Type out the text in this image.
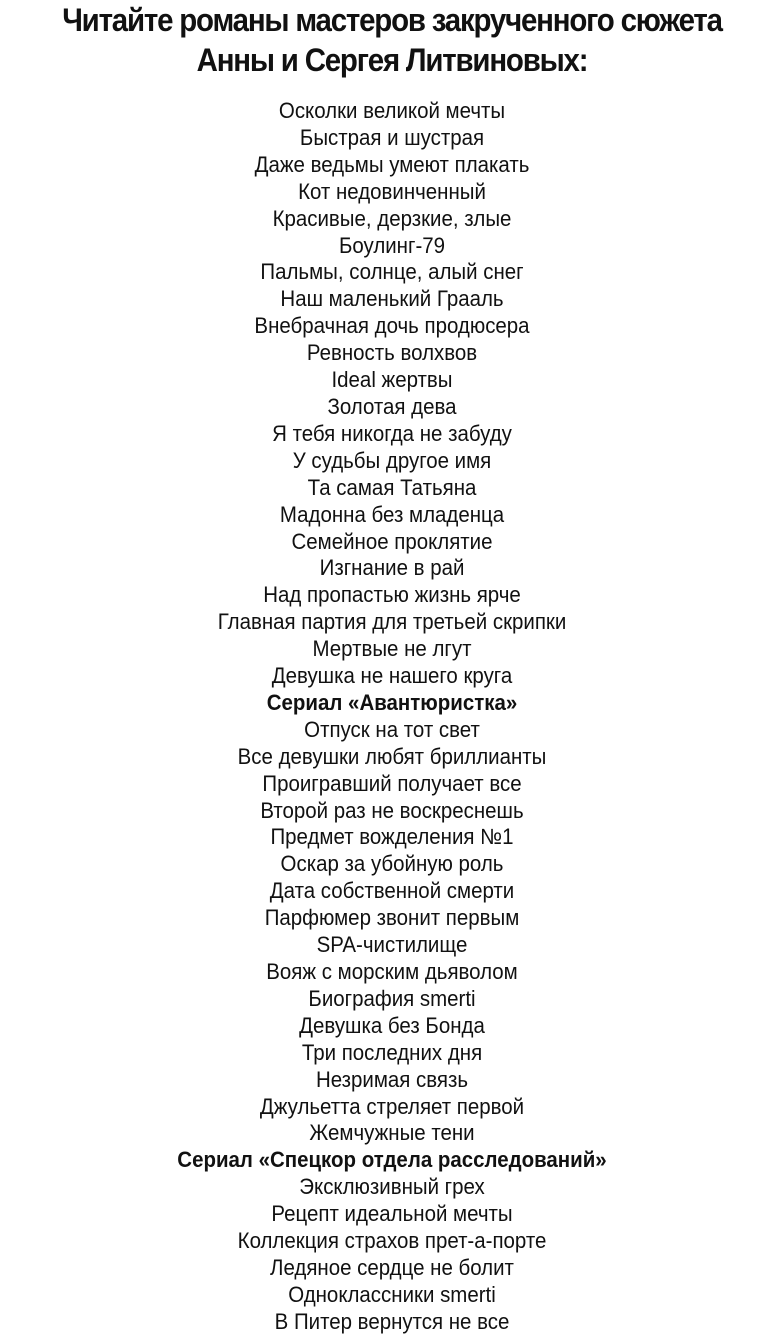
Читайте романы мастеров закрученного сюжета
Анны и Сергея Литвиновых:
Осколки великой мечты
Быстрая и шустрая
Даже ведьмы умеют плакать
Кот недовинченный
Красивые, дерзкие, злые
Боулинг-79
Пальмы, солнце, алый снег
Наш маленький Грааль
Внебрачная дочь продюсера
Ревность волхвов
Ideal жертвы
Золотая дева
Я тебя никогда не забуду
У судьбы другое имя
Та самая Татьяна
Мадонна без младенца
Семейное проклятие
Изгнание в рай
Над пропастью жизнь ярче
Главная партия для третьей скрипки
Мертвые не лгут
Девушка не нашего круга
Сериал «Авантюристка»
Отпуск на тот свет
Все девушки любят бриллианты
Проигравший получает все
Второй раз не воскреснешь
Предмет вожделения №1
Оскар за убойную роль
Дата собственной смерти
Парфюмер звонит первым
SPA-чистилище
Вояж с морским дьяволом
Биография smerti
Девушка без Бонда
Три последних дня
Незримая связь
Джульетта стреляет первой
Жемчужные тени
Сериал «Спецкор отдела расследований»
Эксклюзивный грех
Рецепт идеальной мечты
Коллекция страхов прет-а-порте
Ледяное сердце не болит
Одноклассники smerti
В Питер вернутся не все
